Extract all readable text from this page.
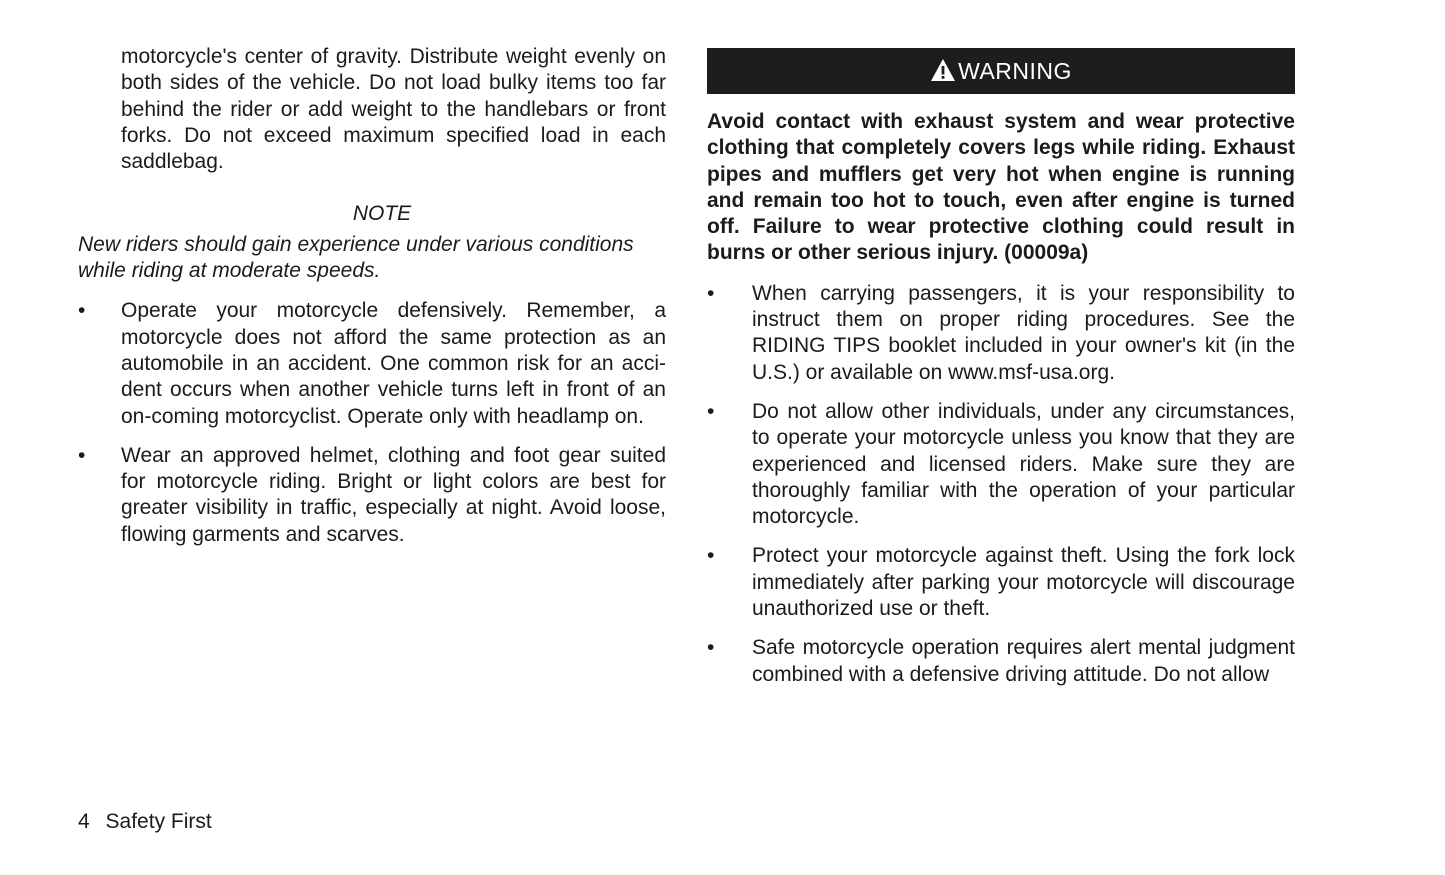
motorcycle's center of gravity. Distribute weight evenly on both sides of the vehicle. Do not load bulky items too far behind the rider or add weight to the handlebars or front forks. Do not exceed maximum specified load in each saddlebag.
NOTE
New riders should gain experience under various conditions while riding at moderate speeds.
• Operate your motorcycle defensively. Remember, a motorcycle does not afford the same protection as an automobile in an accident. One common risk for an acci-dent occurs when another vehicle turns left in front of an on-coming motorcyclist. Operate only with headlamp on.
• Wear an approved helmet, clothing and foot gear suited for motorcycle riding. Bright or light colors are best for greater visibility in traffic, especially at night. Avoid loose, flowing garments and scarves.
WARNING
Avoid contact with exhaust system and wear protective clothing that completely covers legs while riding. Exhaust pipes and mufflers get very hot when engine is running and remain too hot to touch, even after engine is turned off. Failure to wear protective clothing could result in burns or other serious injury. (00009a)
• When carrying passengers, it is your responsibility to instruct them on proper riding procedures. See the RIDING TIPS booklet included in your owner's kit (in the U.S.) or available on www.msf-usa.org.
• Do not allow other individuals, under any circumstances, to operate your motorcycle unless you know that they are experienced and licensed riders. Make sure they are thoroughly familiar with the operation of your particular motorcycle.
• Protect your motorcycle against theft. Using the fork lock immediately after parking your motorcycle will discourage unauthorized use or theft.
• Safe motorcycle operation requires alert mental judgment combined with a defensive driving attitude. Do not allow
4 Safety First
